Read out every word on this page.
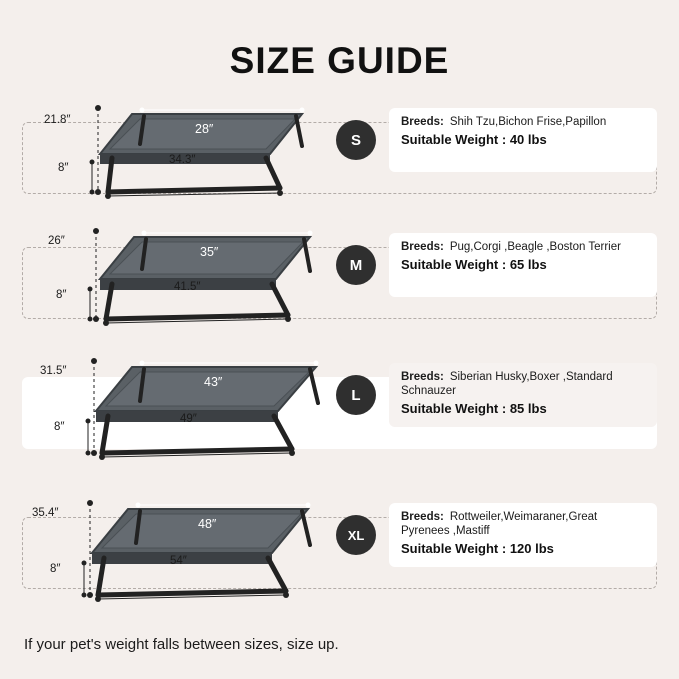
SIZE GUIDE
21.8″
8″
28″
34.3″
S
Breeds: Shih Tzu,Bichon Frise,Papillon
Suitable Weight : 40 lbs
26″
8″
35″
41.5″
M
Breeds: Pug,Corgi ,Beagle ,Boston Terrier
Suitable Weight : 65 lbs
31.5″
8″
43″
49″
L
Breeds: Siberian Husky,Boxer ,Standard Schnauzer
Suitable Weight : 85 lbs
35.4″
8″
48″
54″
XL
Breeds: Rottweiler,Weimaraner,Great Pyrenees ,Mastiff
Suitable Weight : 120 lbs
If your pet's weight falls between sizes, size up.
